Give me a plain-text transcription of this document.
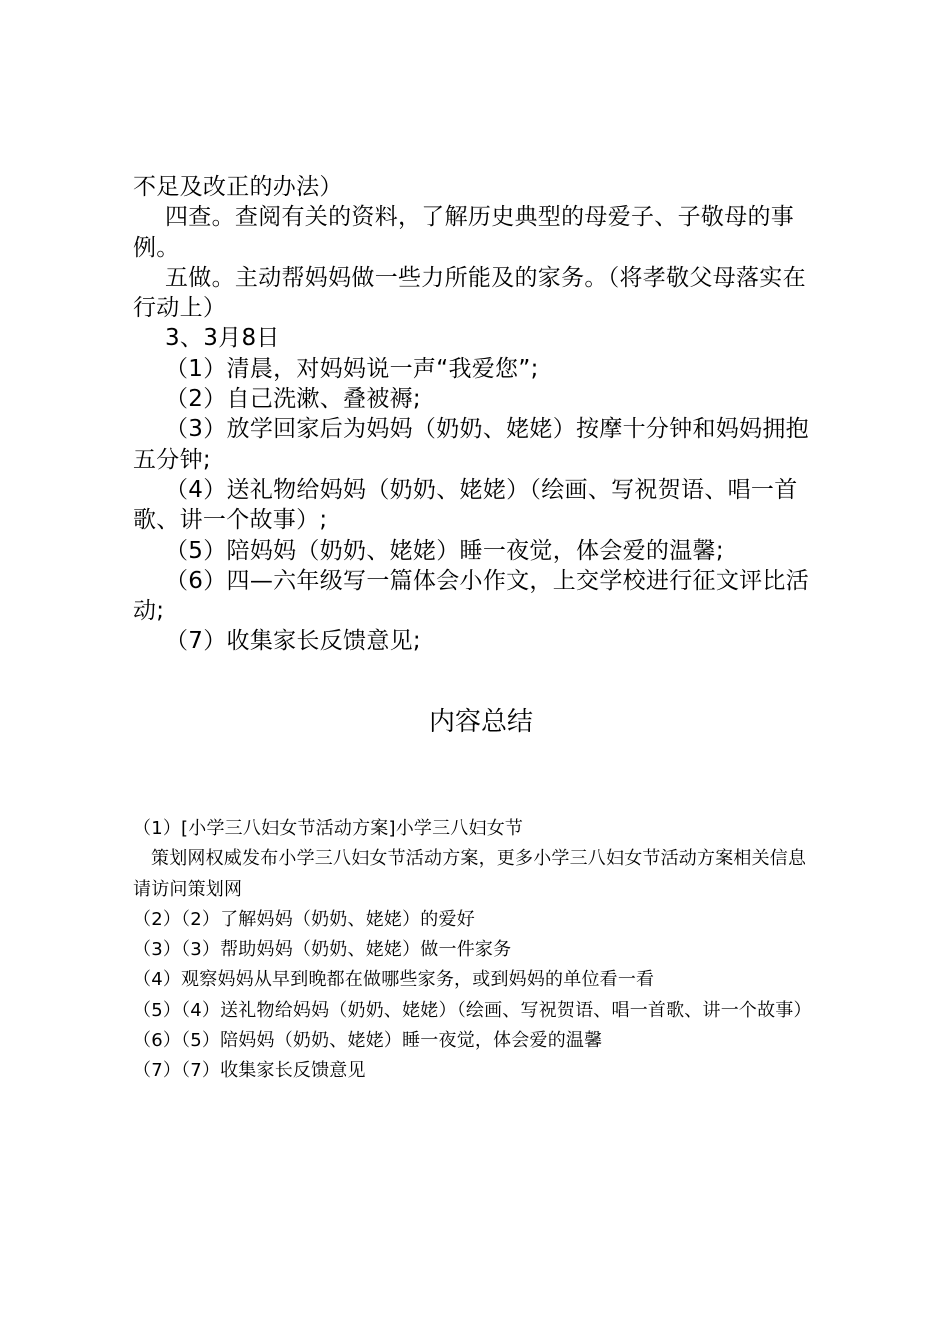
不足及改正的办法）

四查。查阅有关的资料，了解历史典型的母爱子、子敬母的事例。

五做。主动帮妈妈做一些力所能及的家务。（将孝敬父母落实在行动上）

3、3月8日

（1）清晨，对妈妈说一声“我爱您”;

（2）自己洗漱、叠被褥;

（3）放学回家后为妈妈（奶奶、姥姥）按摩十分钟和妈妈拥抱五分钟;

（4）送礼物给妈妈（奶奶、姥姥）（绘画、写祝贺语、唱一首歌、讲一个故事）;

（5）陪妈妈（奶奶、姥姥）睡一夜觉，体会爱的温馨;

（6）四—六年级写一篇体会小作文，上交学校进行征文评比活动;

（7）收集家长反馈意见;

内容总结

（1）[小学三八妇女节活动方案]小学三八妇女节

策划网权威发布小学三八妇女节活动方案，更多小学三八妇女节活动方案相关信息请访问策划网

（2）（2）了解妈妈（奶奶、姥姥）的爱好

（3）（3）帮助妈妈（奶奶、姥姥）做一件家务

（4）观察妈妈从早到晚都在做哪些家务，或到妈妈的单位看一看

（5）（4）送礼物给妈妈（奶奶、姥姥）（绘画、写祝贺语、唱一首歌、讲一个故事）

（6）（5）陪妈妈（奶奶、姥姥）睡一夜觉，体会爱的温馨

（7）（7）收集家长反馈意见
